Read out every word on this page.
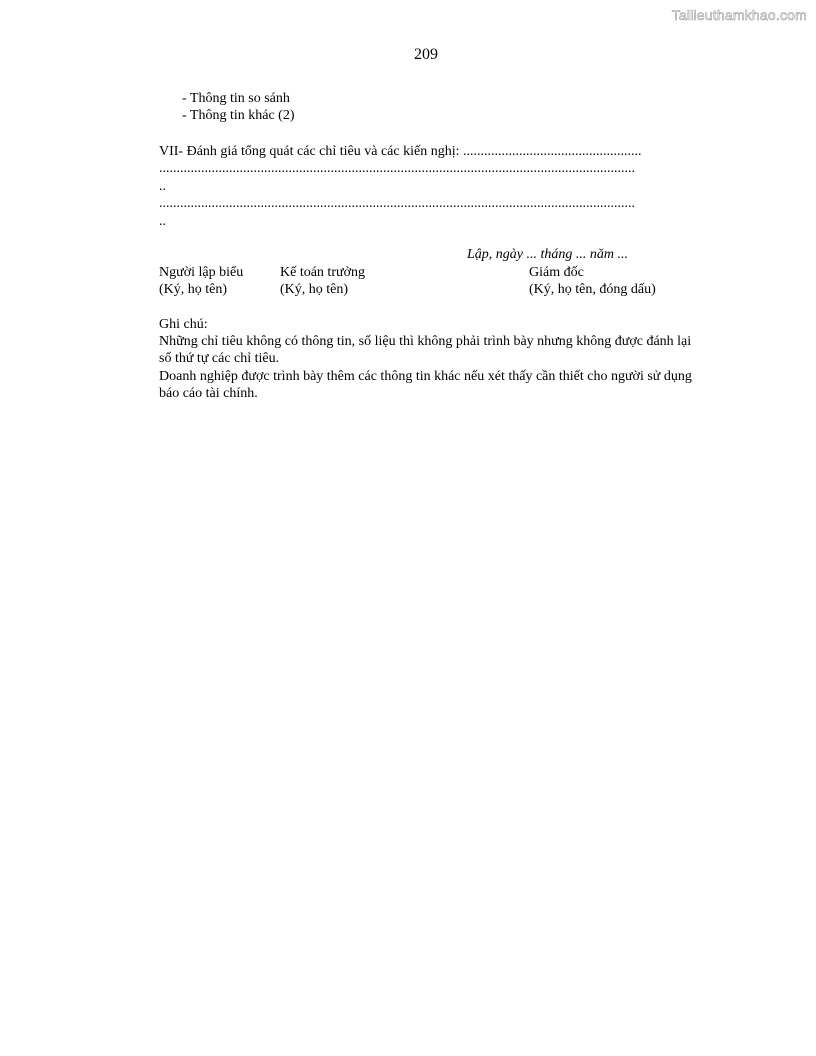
Tailieuthamkhao.com
209
- Thông tin so sánh
- Thông tin khác (2)
VII- Đánh giá tổng quát các chỉ tiêu và các kiến nghị: ...................................................
........................................................................................................................................
..
........................................................................................................................................
..
Lập, ngày ... tháng ... năm ...
Người lập biểu	Kế toán trưởng	Giám đốc
(Ký, họ tên)	(Ký, họ tên)	(Ký, họ tên, đóng dấu)
Ghi chú:
Những chỉ tiêu không có thông tin, số liệu thì không phải trình bày nhưng không được đánh lại số thứ tự các chỉ tiêu.
Doanh nghiệp được trình bày thêm các thông tin khác nếu xét thấy cần thiết cho người sử dụng báo cáo tài chính.
